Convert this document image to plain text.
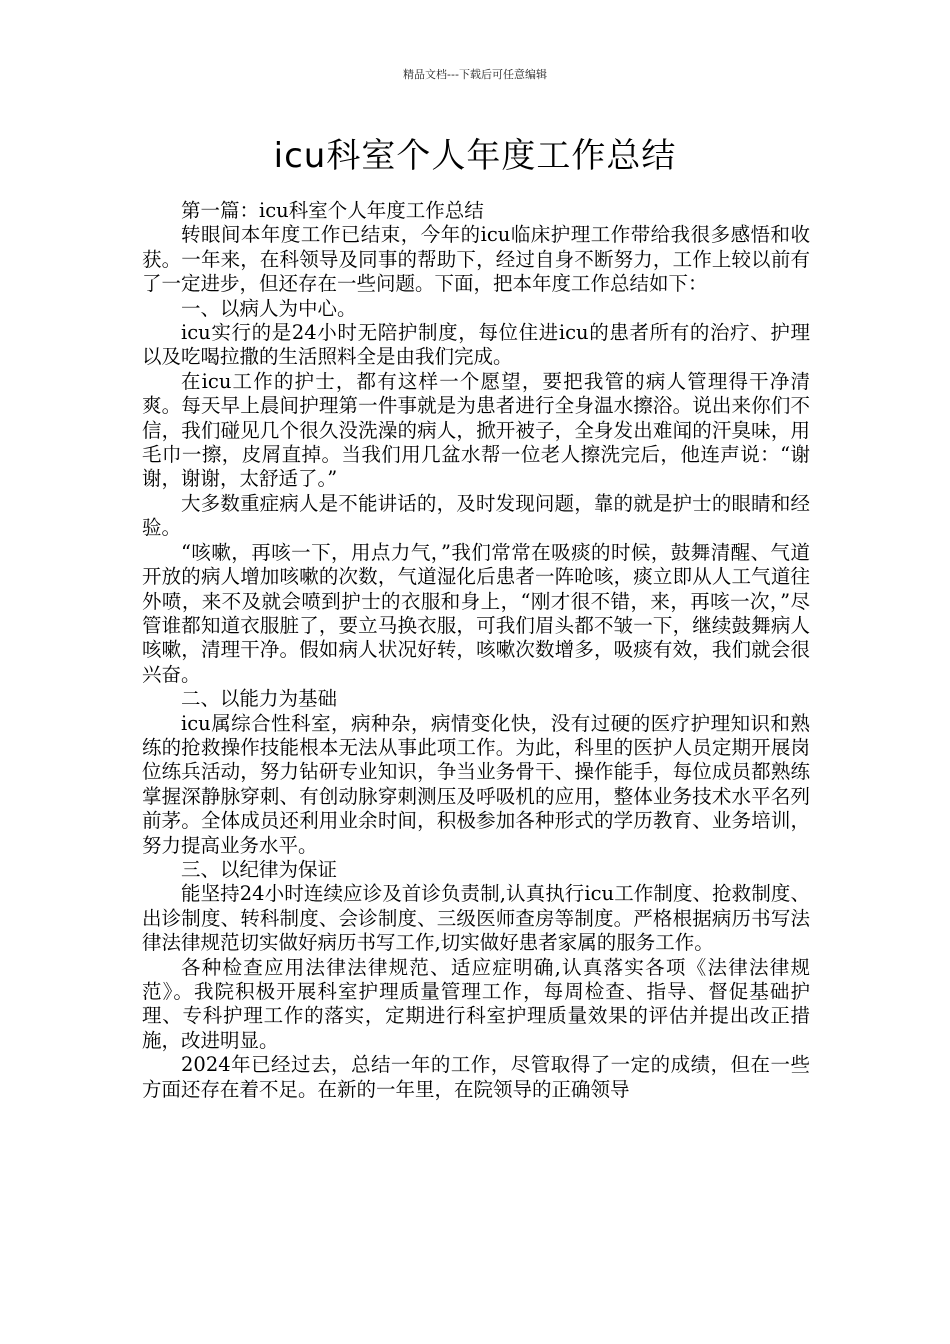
精品文档---下载后可任意编辑
icu科室个人年度工作总结

第一篇：icu科室个人年度工作总结

转眼间本年度工作已结束，今年的icu临床护理工作带给我很多感悟和收获。一年来，在科领导及同事的帮助下，经过自身不断努力，工作上较以前有了一定进步，但还存在一些问题。下面，把本年度工作总结如下：

一、以病人为中心。

icu实行的是24小时无陪护制度，每位住进icu的患者所有的治疗、护理以及吃喝拉撒的生活照料全是由我们完成。

在icu工作的护士，都有这样一个愿望，要把我管的病人管理得干净清爽。每天早上晨间护理第一件事就是为患者进行全身温水擦浴。说出来你们不信，我们碰见几个很久没洗澡的病人，掀开被子，全身发出难闻的汗臭味，用毛巾一擦，皮屑直掉。当我们用几盆水帮一位老人擦洗完后，他连声说：“谢谢，谢谢，太舒适了。”

大多数重症病人是不能讲话的，及时发现问题，靠的就是护士的眼睛和经验。

“咳嗽，再咳一下，用点力气，”我们常常在吸痰的时候，鼓舞清醒、气道开放的病人增加咳嗽的次数，气道湿化后患者一阵呛咳，痰立即从人工气道往外喷，来不及就会喷到护士的衣服和身上，“刚才很不错，来，再咳一次，”尽管谁都知道衣服脏了，要立马换衣服，可我们眉头都不皱一下，继续鼓舞病人咳嗽，清理干净。假如病人状况好转，咳嗽次数增多，吸痰有效，我们就会很兴奋。

二、以能力为基础

icu属综合性科室，病种杂，病情变化快，没有过硬的医疗护理知识和熟练的抢救操作技能根本无法从事此项工作。为此，科里的医护人员定期开展岗位练兵活动，努力钻研专业知识，争当业务骨干、操作能手，每位成员都熟练掌握深静脉穿刺、有创动脉穿刺测压及呼吸机的应用，整体业务技术水平名列前茅。全体成员还利用业余时间，积极参加各种形式的学历教育、业务培训，努力提高业务水平。

三、以纪律为保证

能坚持24小时连续应诊及首诊负责制,认真执行icu工作制度、抢救制度、出诊制度、转科制度、会诊制度、三级医师查房等制度。严格根据病历书写法律法律规范切实做好病历书写工作,切实做好患者家属的服务工作。

各种检查应用法律法律规范、适应症明确,认真落实各项《法律法律规范》。我院积极开展科室护理质量管理工作，每周检查、指导、督促基础护理、专科护理工作的落实，定期进行科室护理质量效果的评估并提出改正措施，改进明显。

2024年已经过去，总结一年的工作，尽管取得了一定的成绩，但在一些方面还存在着不足。在新的一年里，在院领导的正确领导
